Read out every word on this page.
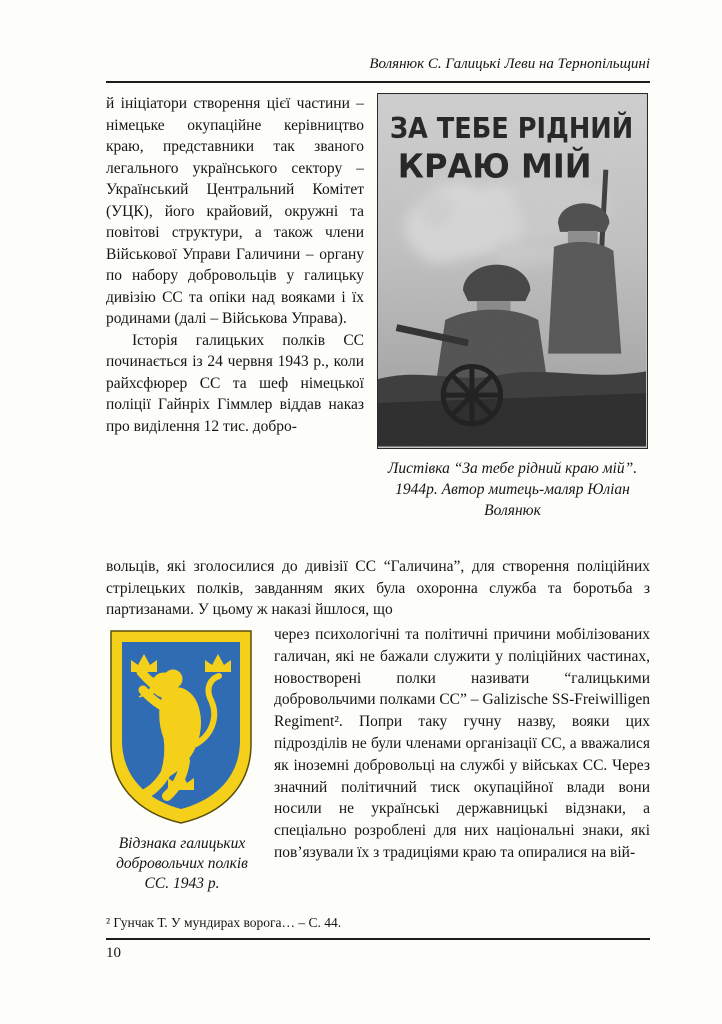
Волянюк С. Галицькі Леви на Тернопільщині

й ініціатори створення цієї частини – німецьке окупаційне керівництво краю, представники так званого легального українського сектору – Український Центральний Комітет (УЦК), його крайовий, окружні та повітові структури, а також члени Військової Управи Галичини – органу по набору добровольців у галицьку дивізію СС та опіки над вояками і їх родинами (далі – Військова Управа).

Історія галицьких полків СС починається із 24 червня 1943 р., коли райхсфюрер СС та шеф німецької поліції Гайнріх Гіммлер віддав наказ про виділення 12 тис. добро-

Листівка “За тебе рідний краю мій”. 1944р. Автор митець-маляр Юліан Волянюк
вольців, які зголосилися до дивізії СС “Галичина”, для створення поліційних стрілецьких полків, завданням яких була охоронна служба та боротьба з партизанами. У цьому ж наказі йшлося, що
Відзнака галицьких добровольчих полків СС. 1943 р.

через психологічні та політичні причини мобілізованих галичан, які не бажали служити у поліційних частинах, новостворені полки називати “галицькими добровольчими полками СС” – Galizische SS-Freiwilligen Regiment². Попри таку гучну назву, вояки цих підрозділів не були членами організації СС, а вважалися як іноземні добровольці на службі у військах СС. Через значний політичний тиск окупаційної влади вони носили не українські державницькі відзнаки, а спеціально розроблені для них національні знаки, які пов’язували їх з традиціями краю та опиралися на вій-

² Гунчак Т. У мундирах ворога… – С. 44.
10
